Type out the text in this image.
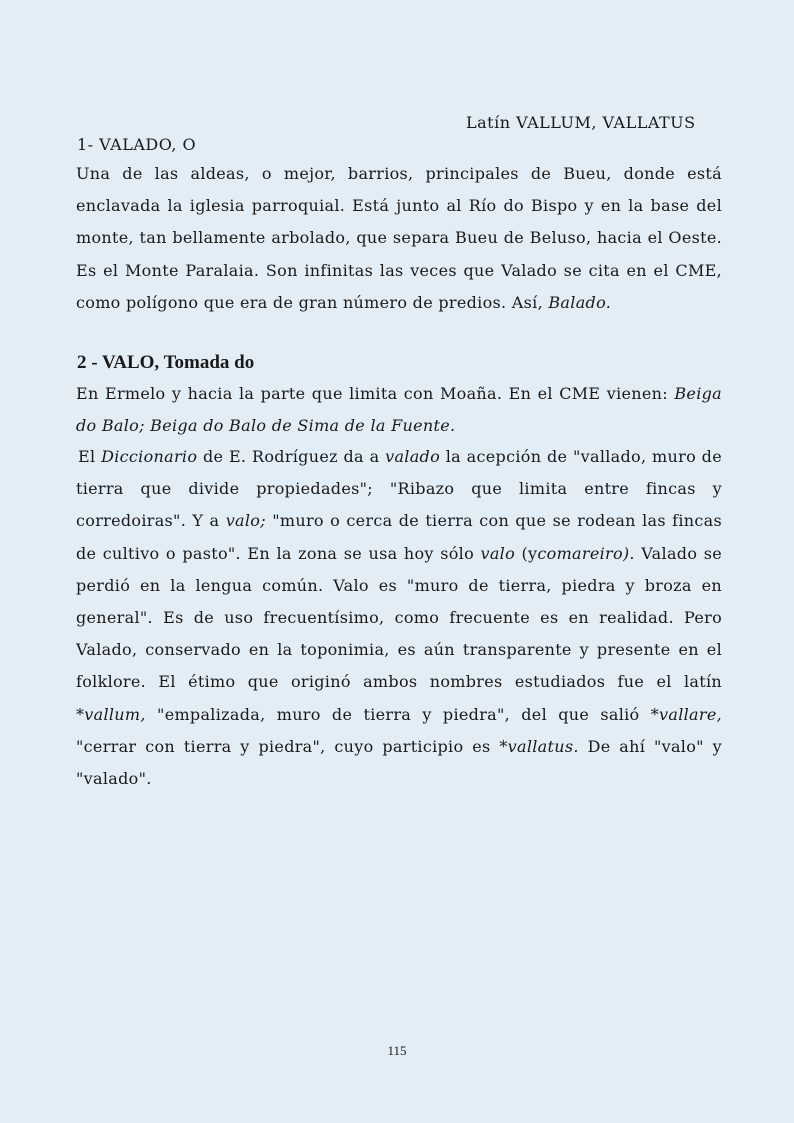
Latín VALLUM, VALLATUS
1- VALADO, O

Una de las aldeas, o mejor, barrios, principales de Bueu, donde está enclavada la iglesia parroquial. Está junto al Río do Bispo y en la base del monte, tan bellamente arbolado, que separa Bueu de Beluso, hacia el Oeste. Es el Monte Paralaia. Son infinitas las veces que Valado se cita en el CME, como polígono que era de gran número de predios. Así, Balado.

2 - VALO, Tomada do

En Ermelo y hacia la parte que limita con Moaña. En el CME vienen: Beiga do Balo; Beiga do Balo de Sima de la Fuente.

El Diccionario de E. Rodríguez da a valado la acepción de "vallado, muro de tierra que divide propiedades"; "Ribazo que limita entre fincas y corredoiras". Y a valo; "muro o cerca de tierra con que se rodean las fincas de cultivo o pasto". En la zona se usa hoy sólo valo (ycomareiro). Valado se perdió en la lengua común. Valo es "muro de tierra, piedra y broza en general". Es de uso frecuentísimo, como frecuente es en realidad. Pero Valado, conservado en la toponimia, es aún transparente y presente en el folklore. El étimo que originó ambos nombres estudiados fue el latín *vallum, "empalizada, muro de tierra y piedra", del que salió *vallare, "cerrar con tierra y piedra", cuyo participio es *vallatus. De ahí "valo" y "valado".

115
